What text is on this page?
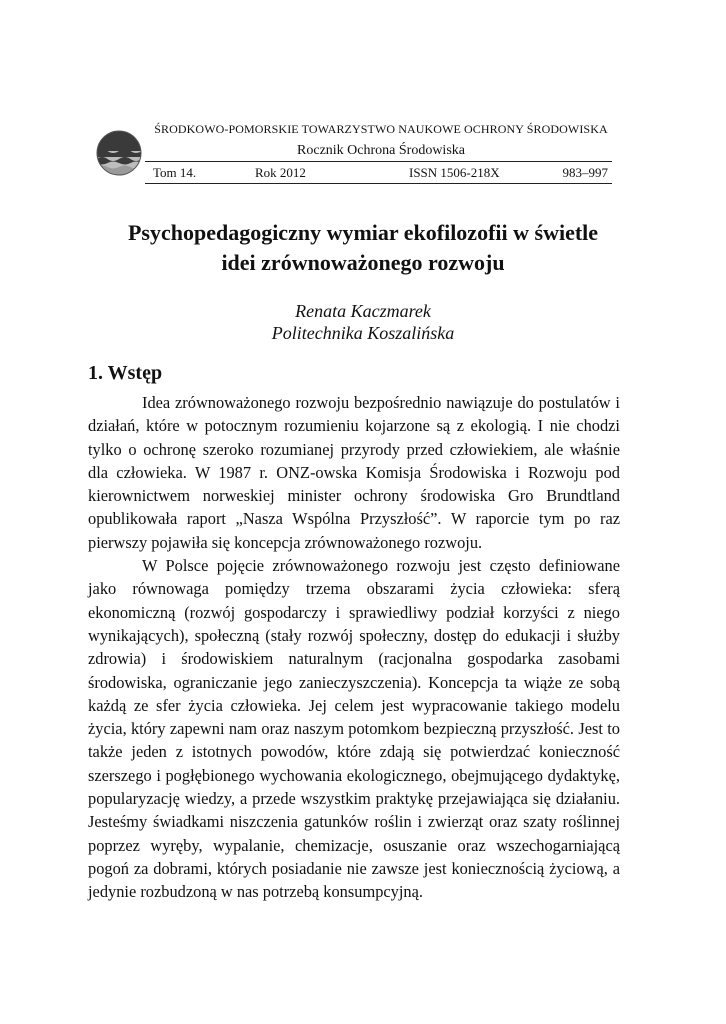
ŚRODKOWO-POMORSKIE TOWARZYSTWO NAUKOWE OCHRONY ŚRODOWISKA
Rocznik Ochrona Środowiska
Tom 14.	Rok 2012	ISSN 1506-218X	983–997
Psychopedagogiczny wymiar ekofilozofii w świetle
idei zrównoważonego rozwoju
Renata Kaczmarek
Politechnika Koszalińska
1. Wstęp

Idea zrównoważonego rozwoju bezpośrednio nawiązuje do postulatów i działań, które w potocznym rozumieniu kojarzone są z ekologią. I nie chodzi tylko o ochronę szeroko rozumianej przyrody przed człowiekiem, ale właśnie dla człowieka. W 1987 r. ONZ-owska Komisja Środowiska i Rozwoju pod kierownictwem norweskiej minister ochrony środowiska Gro Brundtland opublikowała raport „Nasza Wspólna Przyszłość”. W raporcie tym po raz pierwszy pojawiła się koncepcja zrównoważonego rozwoju.

W Polsce pojęcie zrównoważonego rozwoju jest często definiowane jako równowaga pomiędzy trzema obszarami życia człowieka: sferą ekonomiczną (rozwój gospodarczy i sprawiedliwy podział korzyści z niego wynikających), społeczną (stały rozwój społeczny, dostęp do edukacji i służby zdrowia) i środowiskiem naturalnym (racjonalna gospodarka zasobami środowiska, ograniczanie jego zanieczyszczenia). Koncepcja ta wiąże ze sobą każdą ze sfer życia człowieka. Jej celem jest wypracowanie takiego modelu życia, który zapewni nam oraz naszym potomkom bezpieczną przyszłość. Jest to także jeden z istotnych powodów, które zdają się potwierdzać konieczność szerszego i pogłębionego wychowania ekologicznego, obejmującego dydaktykę, popularyzację wiedzy, a przede wszystkim praktykę przejawiająca się działaniu. Jesteśmy świadkami niszczenia gatunków roślin i zwierząt oraz szaty roślinnej poprzez wyręby, wypalanie, chemizacje, osuszanie oraz wszechogarniającą pogoń za dobrami, których posiadanie nie zawsze jest koniecznością życiową, a jedynie rozbudzoną w nas potrzebą konsumpcyjną.
